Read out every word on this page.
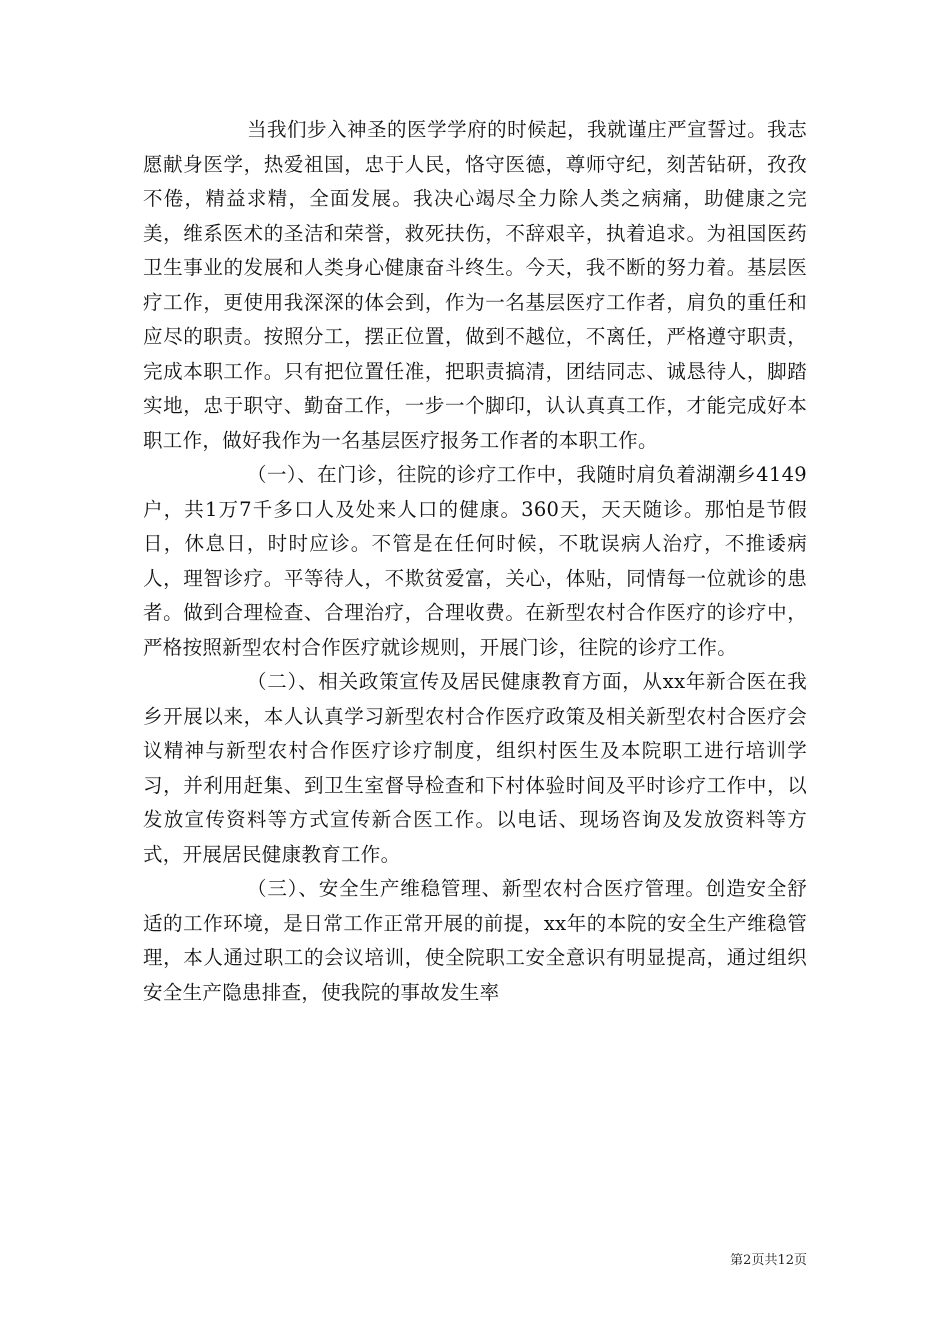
当我们步入神圣的医学学府的时候起，我就谨庄严宣誓过。我志愿献身医学，热爱祖国，忠于人民，恪守医德，尊师守纪，刻苦钻研，孜孜不倦，精益求精，全面发展。我决心竭尽全力除人类之病痛，助健康之完美，维系医术的圣洁和荣誉，救死扶伤，不辞艰辛，执着追求。为祖国医药卫生事业的发展和人类身心健康奋斗终生。今天，我不断的努力着。基层医疗工作，更使用我深深的体会到，作为一名基层医疗工作者，肩负的重任和应尽的职责。按照分工，摆正位置，做到不越位，不离任，严格遵守职责，完成本职工作。只有把位置任准，把职责搞清，团结同志、诚恳待人，脚踏实地，忠于职守、勤奋工作，一步一个脚印，认认真真工作，才能完成好本职工作，做好我作为一名基层医疗报务工作者的本职工作。

（一）、在门诊，往院的诊疗工作中，我随时肩负着湖潮乡4149户，共1万7千多口人及处来人口的健康。360天，天天随诊。那怕是节假日，休息日，时时应诊。不管是在任何时候，不耽误病人治疗，不推诿病人，理智诊疗。平等待人，不欺贫爱富，关心，体贴，同情每一位就诊的患者。做到合理检查、合理治疗，合理收费。在新型农村合作医疗的诊疗中，严格按照新型农村合作医疗就诊规则，开展门诊，往院的诊疗工作。

（二）、相关政策宣传及居民健康教育方面，从xx年新合医在我乡开展以来，本人认真学习新型农村合作医疗政策及相关新型农村合医疗会议精神与新型农村合作医疗诊疗制度，组织村医生及本院职工进行培训学习，并利用赶集、到卫生室督导检查和下村体验时间及平时诊疗工作中，以发放宣传资料等方式宣传新合医工作。以电话、现场咨询及发放资料等方式，开展居民健康教育工作。

（三）、安全生产维稳管理、新型农村合医疗管理。创造安全舒适的工作环境，是日常工作正常开展的前提，xx年的本院的安全生产维稳管理，本人通过职工的会议培训，使全院职工安全意识有明显提高，通过组织安全生产隐患排查，使我院的事故发生率

第2页共12页
